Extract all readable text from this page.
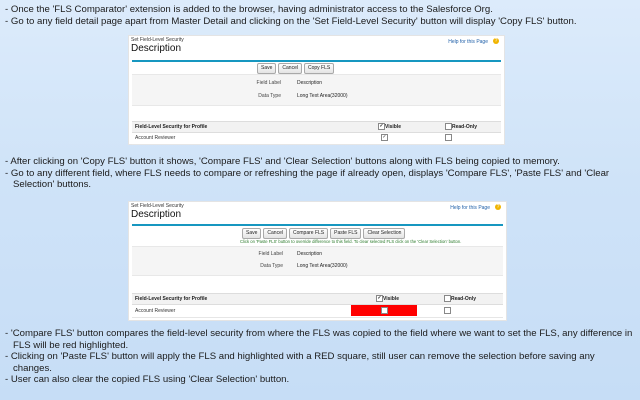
- Once the 'FLS Comparator' extension is added to the browser, having administrator access to the Salesforce Org.

- Go to any field detail page apart from Master Detail and clicking on the 'Set Field-Level Security' button will display 'Copy FLS' button.

- After clicking on 'Copy FLS' button it shows, 'Compare FLS' and 'Clear Selection' buttons along with FLS being copied to memory.

- Go to any different field, where FLS needs to compare or refreshing the page if already open, displays 'Compare FLS', 'Paste FLS' and 'Clear Selection' buttons.

- 'Compare FLS' button compares the field-level security from where the FLS was copied to the field where we want to set the FLS, any difference in FLS will be red highlighted.

- Clicking on 'Paste FLS' button will apply the FLS and highlighted with a RED square, still user can remove the selection before saving any changes.

- User can also clear the copied FLS using 'Clear Selection' button.

Set Field-Level Security
Description
Help for this Page	?
Save	Cancel	Copy FLS
Field Label	Description
Data Type	Long Text Area(32000)
Field-Level Security for Profile	✓ Visible	Read-Only
Account Reviewer	✓
Set Field-Level Security
Description
Help for this Page	?
Save	Cancel	Compare FLS	Paste FLS	Clear Selection
Click on 'Paste FLS' button to override difference to this field. To clear selected FLS click on the 'Clear Selection' button.
Field Label	Description
Data Type	Long Text Area(32000)
Field-Level Security for Profile	✓ Visible	Read-Only
Account Reviewer
